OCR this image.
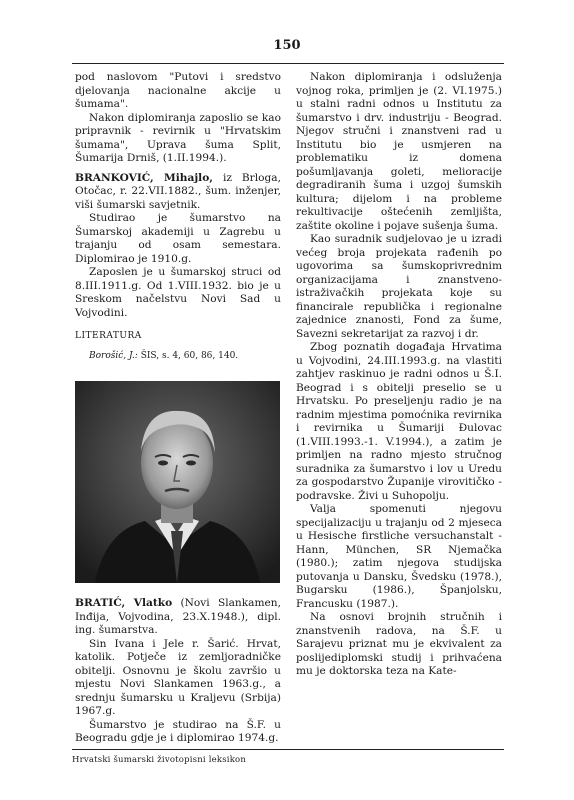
150

pod naslovom "Putovi i sredstvo djelovanja nacionalne akcije u šumama".

Nakon diplomiranja zaposlio se kao pripravnik - revirnik u "Hrvatskim šumama", Uprava šuma Split, Šumarija Drniš, (1.II.1994.).

BRANKOVIĆ, Mihajlo, iz Brloga, Otočac, r. 22.VII.1882., šum. inženjer, viši šumarski savjetnik.

Studirao je šumarstvo na Šumarskoj akademiji u Zagrebu u trajanju od osam semestara. Diplomirao je 1910.g.

Zaposlen je u šumarskoj struci od 8.III.1911.g. Od 1.VIII.1932. bio je u Sreskom načelstvu Novi Sad u Vojvodini.

LITERATURA

Borošić, J.: ŠIS, s. 4, 60, 86, 140.

BRATIĆ, Vlatko (Novi Slankamen, Inđija, Vojvodina, 23.X.1948.), dipl. ing. šumarstva.

Sin Ivana i Jele r. Šarić. Hrvat, katolik. Potječe iz zemljoradničke obitelji. Osnovnu je školu završio u mjestu Novi Slankamen 1963.g., a srednju šumarsku u Kraljevu (Srbija) 1967.g.

Šumarstvo je studirao na Š.F. u Beogradu gdje je i diplomirao 1974.g.

Nakon diplomiranja i odsluženja vojnog roka, primljen je (2. VI.1975.) u stalni radni odnos u Institutu za šumarstvo i drv. industriju - Beograd. Njegov stručni i znanstveni rad u Institutu bio je usmjeren na problematiku iz domena pošumljavanja goleti, melioracije degradiranih šuma i uzgoj šumskih kultura; dijelom i na probleme rekultivacije oštećenih zemljišta, zaštite okoline i pojave sušenja šuma.

Kao suradnik sudjelovao je u izradi većeg broja projekata rađenih po ugovorima sa šumskoprivrednim organizacijama i znanstveno-istraživačkih projekata koje su financirale republička i regionalne zajednice znanosti, Fond za šume, Savezni sekretarijat za razvoj i dr.

Zbog poznatih događaja Hrvatima u Vojvodini, 24.III.1993.g. na vlastiti zahtjev raskinuo je radni odnos u Š.I. Beograd i s obitelji preselio se u Hrvatsku. Po preseljenju radio je na radnim mjestima pomoćnika revirnika i revirnika u Šumariji Đulovac (1.VIII.1993.-1. V.1994.), a zatim je primljen na radno mjesto stručnog suradnika za šumarstvo i lov u Uredu za gospodarstvo Županije virovitičko - podravske. Živi u Suhopolju.

Valja spomenuti njegovu specijalizaciju u trajanju od 2 mjeseca u Hesische firstliche versuchanstalt - Hann, München, SR Njemačka (1980.); zatim njegova studijska putovanja u Dansku, Švedsku (1978.), Bugarsku (1986.), Španjolsku, Francusku (1987.).

Na osnovi brojnih stručnih i znanstvenih radova, na Š.F. u Sarajevu priznat mu je ekvivalent za poslijediplomski studij i prihvaćena mu je doktorska teza na Kate-

Hrvatski šumarski životopisni leksikon
